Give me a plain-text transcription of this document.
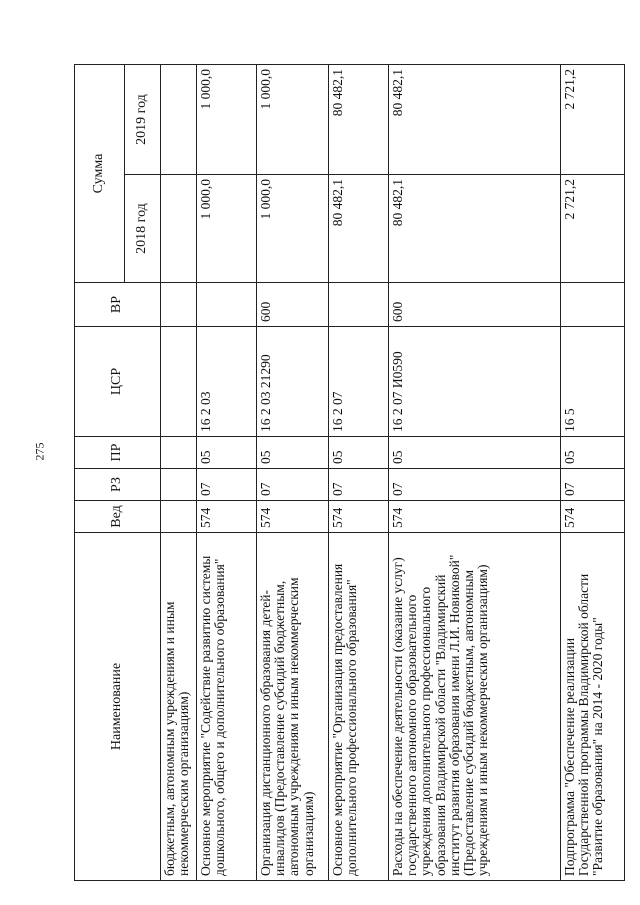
275
Наименование	Вед	РЗ	ПР	ЦСР	ВР	Сумма	
						2018 год	2019 год
бюджетным, автономным учреждениям и иным некоммерческим организациям)							
Основное мероприятие "Содействие развитию системы дошкольного, общего и дополнительного образования"	574	07	05	16 2 03		1 000,0	1 000,0
Организация дистанционного образования детей-инвалидов (Предоставление субсидий бюджетным, автономным учреждениям и иным некоммерческим организациям)	574	07	05	16 2 03 21290	600	1 000,0	1 000,0
Основное мероприятие "Организация предоставления дополнительного профессионального образования"	574	07	05	16 2 07		80 482,1	80 482,1
Расходы на обеспечение деятельности (оказание услуг) государственного автономного образовательного учреждения дополнительного профессионального образования Владимирской области "Владимирский институт развития образования имени Л.И. Новиковой" (Предоставление субсидий бюджетным, автономным учреждениям и иным некоммерческим организациям)	574	07	05	16 2 07 И0590	600	80 482,1	80 482,1
Подпрограмма "Обеспечение реализации Государственной программы Владимирской области "Развитие образования" на 2014 - 2020 годы"	574	07	05	16 5		2 721,2	2 721,2
